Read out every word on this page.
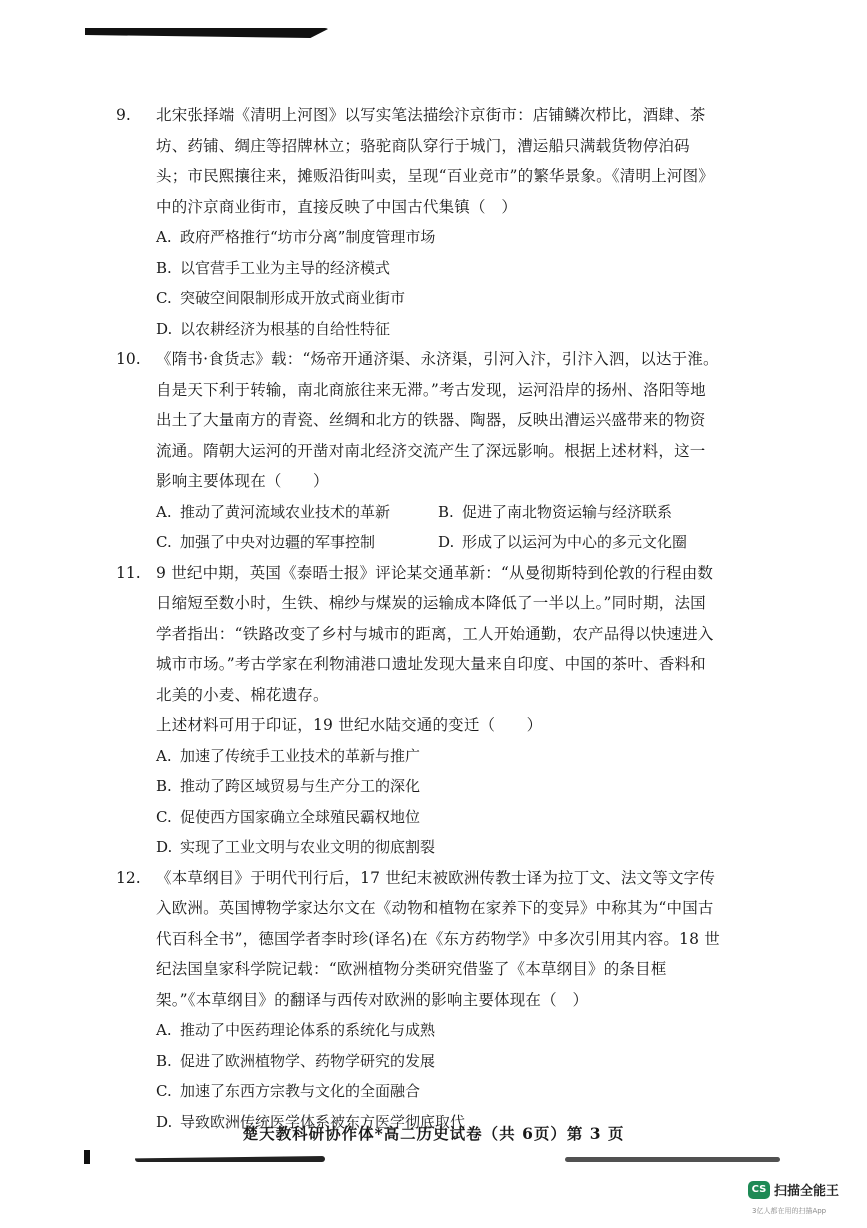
9. 北宋张择端《清明上河图》以写实笔法描绘汴京街市：店铺鳞次栉比，酒肆、茶坊、药铺、绸庄等招牌林立；骆驼商队穿行于城门，漕运船只满载货物停泊码头；市民熙攘往来，摊贩沿街叫卖，呈现“百业竞市”的繁华景象。《清明上河图》中的汴京商业街市，直接反映了中国古代集镇（　）
A. 政府严格推行“坊市分离”制度管理市场
B. 以官营手工业为主导的经济模式
C. 突破空间限制形成开放式商业街市
D. 以农耕经济为根基的自给性特征
10. 《隋书·食货志》载：“炀帝开通济渠、永济渠，引河入汴，引汴入泗，以达于淮。自是天下利于转输，南北商旅往来无滞。”考古发现，运河沿岸的扬州、洛阳等地出土了大量南方的青瓷、丝绸和北方的铁器、陶器，反映出漕运兴盛带来的物资流通。隋朝大运河的开凿对南北经济交流产生了深远影响。根据上述材料，这一影响主要体现在（　　）
A. 推动了黄河流域农业技术的革新	B. 促进了南北物资运输与经济联系
C. 加强了中央对边疆的军事控制	D. 形成了以运河为中心的多元文化圈
11. 9 世纪中期，英国《泰晤士报》评论某交通革新：“从曼彻斯特到伦敦的行程由数日缩短至数小时，生铁、棉纱与煤炭的运输成本降低了一半以上。”同时期，法国学者指出：“铁路改变了乡村与城市的距离，工人开始通勤，农产品得以快速进入城市市场。”考古学家在利物浦港口遗址发现大量来自印度、中国的茶叶、香料和北美的小麦、棉花遗存。
上述材料可用于印证，19 世纪水陆交通的变迁（　　）
A. 加速了传统手工业技术的革新与推广
B. 推动了跨区域贸易与生产分工的深化
C. 促使西方国家确立全球殖民霸权地位
D. 实现了工业文明与农业文明的彻底割裂
12. 《本草纲目》于明代刊行后，17 世纪末被欧洲传教士译为拉丁文、法文等文字传入欧洲。英国博物学家达尔文在《动物和植物在家养下的变异》中称其为“中国古代百科全书”，德国学者李时珍(译名)在《东方药物学》中多次引用其内容。18 世纪法国皇家科学院记载：“欧洲植物分类研究借鉴了《本草纲目》的条目框架。”《本草纲目》的翻译与西传对欧洲的影响主要体现在（　）
A. 推动了中医药理论体系的系统化与成熟
B. 促进了欧洲植物学、药物学研究的发展
C. 加速了东西方宗教与文化的全面融合
D. 导致欧洲传统医学体系被东方医学彻底取代
楚天教科研协作体*高二历史试卷（共 6页）第 3 页
CS 扫描全能王
3亿人都在用的扫描App
